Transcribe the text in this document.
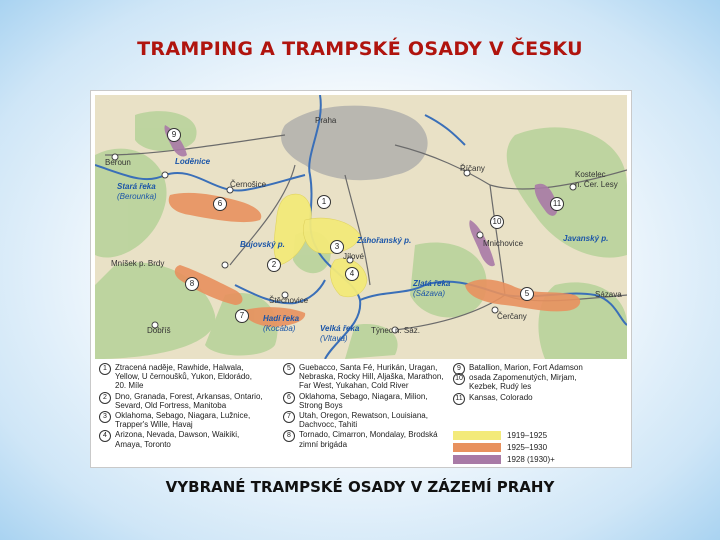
TRAMPING A TRAMPSKÉ OSADY V ČESKU
Praha
Beroun	Loděnice
Stará řeka
(Berounka)
Černošice
Bujovský p.	Záhořanský p.
Jílové
Říčany
Kostelec
n. Čer. Lesy
Mnichovice
Javanský p.
Zlatá řeka
(Sázava)	Sázava
Čerčany
Mníšek p. Brdy
Štěchovice
Hadí řeka
(Kocába)	Velká řeka
(Vltava)
Dobříš	Týnec n. Sáz.
9
6	1
3
2
4
8
7
5
10
11
1	Ztracená naděje, Rawhide, Halwala,
Yellow, U černoušků, Yukon, Eldorádo,
20. Míle
2	Dno, Granada, Forest, Arkansas, Ontario,
Sevard, Old Fortress, Manitoba
3	Oklahoma, Sebago, Niagara, Lužnice,
Trapper's Wille, Havaj
4	Arizona, Nevada, Dawson, Waikiki,
Amaya, Toronto
5	Guebacco, Santa Fé, Hurikán, Uragan,
Nebraska, Rocky Hill, Aljaška, Marathon,
Far West, Yukahan, Cold River
6	Oklahoma, Sebago, Niagara, Milion,
Strong Boys
7	Utah, Oregon, Rewatson, Louisiana,
Dachvocc, Tahiti
8	Tornado, Cimarron, Mondalay, Brodská
zimní brigáda
9	Batallion, Marion, Fort Adamson
10 osada Zapomenutých, Mirjam,
Kezbek, Rudý les
11 Kansas, Colorado
1919–1925
1925–1930
1928 (1930)+
VYBRANÉ TRAMPSKÉ OSADY V ZÁZEMÍ PRAHY
